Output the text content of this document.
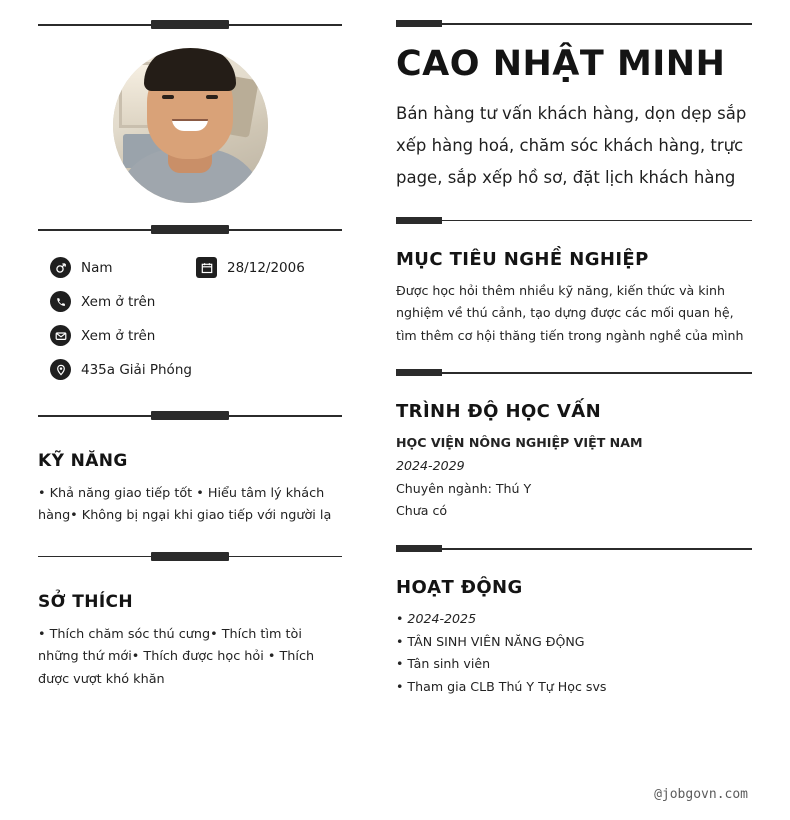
Nam	28/12/2006
Xem ở trên
Xem ở trên
435a Giải Phóng
KỸ NĂNG

• Khả năng giao tiếp tốt • Hiểu tâm lý khách hàng• Không bị ngại khi giao tiếp với người lạ

SỞ THÍCH

• Thích chăm sóc thú cưng• Thích tìm tòi những thứ mới• Thích được học hỏi • Thích được vượt khó khăn

CAO NHẬT MINH

Bán hàng tư vấn khách hàng, dọn dẹp sắp xếp hàng hoá, chăm sóc khách hàng, trực page, sắp xếp hồ sơ, đặt lịch khách hàng

MỤC TIÊU NGHỀ NGHIỆP

Được học hỏi thêm nhiều kỹ năng, kiến thức và kinh nghiệm về thú cảnh, tạo dựng được các mối quan hệ, tìm thêm cơ hội thăng tiến trong ngành nghề của mình

TRÌNH ĐỘ HỌC VẤN

HỌC VIỆN NÔNG NGHIỆP VIỆT NAM

2024-2029

Chuyên ngành: Thú Y

Chưa có

HOẠT ĐỘNG

• 2024-2025

• TÂN SINH VIÊN NĂNG ĐỘNG

• Tân sinh viên

• Tham gia CLB Thú Y Tự Học svs

@jobgovn.com
